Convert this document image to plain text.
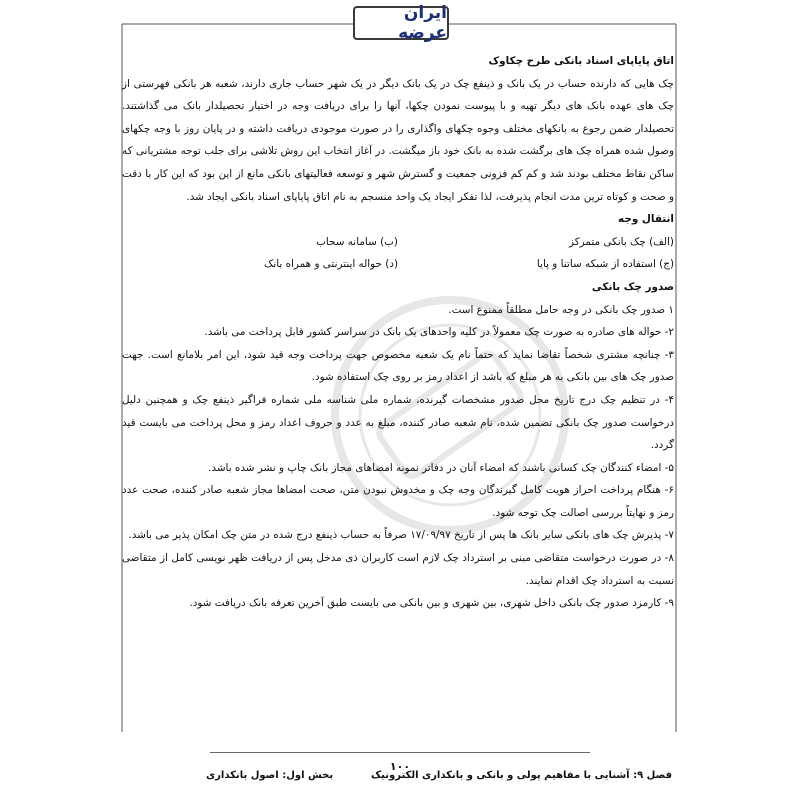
ایران عرضه

اتاق پایاپای اسناد بانکی طرح چکاوک

چک هایی که دارنده حساب در یک بانک و ذینفع چک در یک بانک دیگر در یک شهر حساب جاری دارند، شعبه هر بانکی فهرستی از چک های عهده بانک های دیگر تهیه و با پیوست نمودن چکها، آنها را برای دریافت وجه در اختیار تحصیلدار بانک می گذاشتند. تحصیلدار ضمن رجوع به بانکهای مختلف وجوه چکهای واگذاری را در صورت موجودی دریافت داشته و در پایان روز با وجه چکهای وصول شده همراه چک های برگشت شده به بانک خود باز میگشت. در آغاز انتخاب این روش تلاشی برای جلب توجه مشتریانی که ساکن نقاط مختلف بودند شد و کم کم فزونی جمعیت و گسترش شهر و توسعه فعالیتهای بانکی مانع از این بود که این کار با دقت و صحت و کوتاه ترین مدت انجام پذیرفت، لذا تفکر ایجاد یک واحد منسجم به نام اتاق پایاپای اسناد بانکی ایجاد شد.

انتقال وجه

(الف) چک بانکی متمرکز
(ب) سامانه سحاب
(ج) استفاده از شبکه ساتنا و پایا
(د) حواله اینترنتی و همراه بانک

صدور چک بانکی

۱ صدور چک بانکی در وجه حامل مطلقاً ممنوع است.

۲- حواله های صادره به صورت چک معمولاً در کلیه واحدهای یک بانک در سراسر کشور قابل پرداخت می باشد.

۳- چنانچه مشتری شخصاً تقاضا نماید که حتماً نام یک شعبه مخصوص جهت پرداخت وجه قید شود، این امر بلامانع است. جهت صدور چک های بین بانکی به هر مبلغ که باشد از اعداد رمز بر روی چک استفاده شود.

۴- در تنظیم چک درج تاریخ محل صدور مشخصات گیرنده، شماره ملی شناسه ملی شماره فراگیر ذینفع چک و همچنین دلیل درخواست صدور چک بانکی تضمین شده، نام شعبه صادر کننده، مبلغ به عدد و حروف اعداد رمز و محل پرداخت می بایست قید گردد.

۵- امضاء کنندگان چک کسانی باشند که امضاء آنان در دفاتر نمونه امضاهای مجاز بانک چاپ و نشر شده باشد.

۶- هنگام پرداخت احراز هویت کامل گیرندگان وجه چک و مخدوش نبودن متن، صحت امضاها مجاز شعبه صادر کننده، صحت عدد رمز و نهایتاً بررسی اصالت چک توجه شود.

۷- پذیرش چک های بانکی سایر بانک ها پس از تاریخ ۱۷/۰۹/۹۷ صرفاً به حساب ذینفع درج شده در متن چک امکان پذیر می باشد.

۸- در صورت درخواست متقاضی مبنی بر استرداد چک لازم است کاربران ذی مدخل پس از دریافت ظهر نویسی کامل از متقاضی نسبت به استرداد چک اقدام نمایند.

۹- کارمزد صدور چک بانکی داخل شهری، بین شهری و بین بانکی می بایست طبق آخرین تعرفه بانک دریافت شود.

۱۰۰
فصل ۹: آشنایی با مفاهیم پولی و بانکی و بانکداری الکترونیک
بخش اول: اصول بانکداری
